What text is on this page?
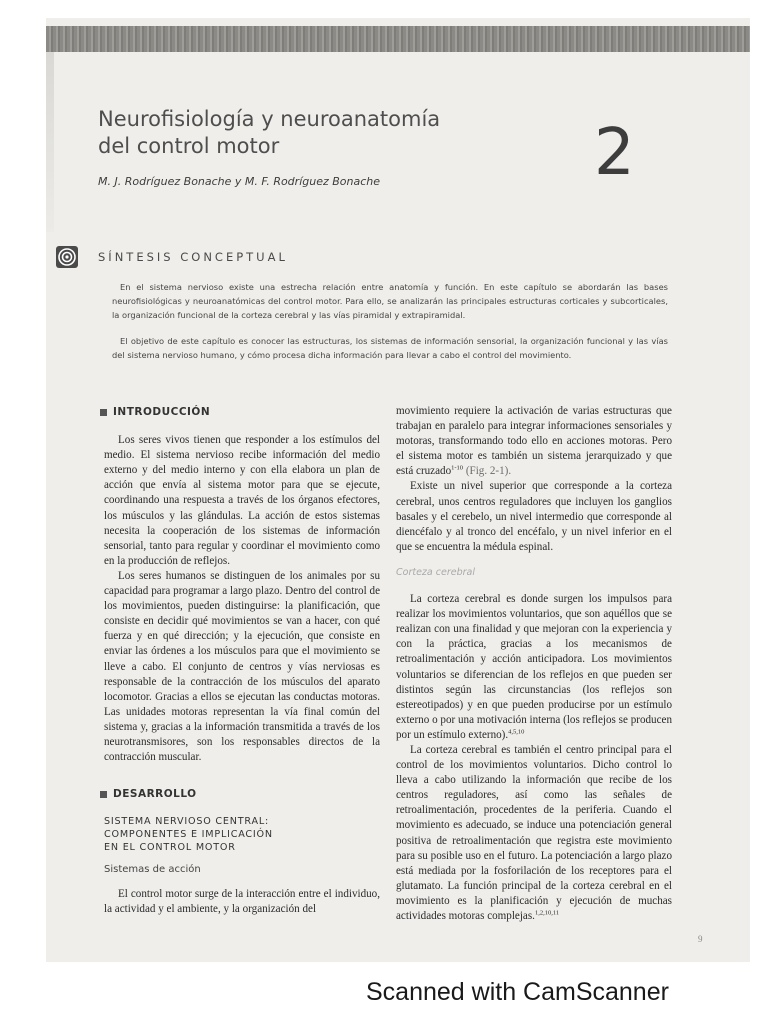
Neurofisiología y neuroanatomía
del control motor	2
M. J. Rodríguez Bonache y M. F. Rodríguez Bonache
SÍNTESIS CONCEPTUAL

En el sistema nervioso existe una estrecha relación entre anatomía y función. En este capítulo se abordarán las bases neurofisiológicas y neuroanatómicas del control motor. Para ello, se analizarán las principales estructuras corticales y subcorticales, la organización funcional de la corteza cerebral y las vías piramidal y extrapiramidal.

El objetivo de este capítulo es conocer las estructuras, los sistemas de información sensorial, la organización funcional y las vías del sistema nervioso humano, y cómo procesa dicha información para llevar a cabo el control del movimiento.

INTRODUCCIÓN

Los seres vivos tienen que responder a los estímulos del medio. El sistema nervioso recibe información del medio externo y del medio interno y con ella elabora un plan de acción que envía al sistema motor para que se ejecute, coordinando una respuesta a través de los órganos efectores, los músculos y las glándulas. La acción de estos sistemas necesita la cooperación de los sistemas de información sensorial, tanto para regular y coordinar el movimiento como en la producción de reflejos.

Los seres humanos se distinguen de los animales por su capacidad para programar a largo plazo. Dentro del control de los movimientos, pueden distinguirse: la planificación, que consiste en decidir qué movimientos se van a hacer, con qué fuerza y en qué dirección; y la ejecución, que consiste en enviar las órdenes a los músculos para que el movimiento se lleve a cabo. El conjunto de centros y vías nerviosas es responsable de la contracción de los músculos del aparato locomotor. Gracias a ellos se ejecutan las conductas motoras. Las unidades motoras representan la vía final común del sistema y, gracias a la información transmitida a través de los neurotransmisores, son los responsables directos de la contracción muscular.

DESARROLLO
SISTEMA NERVIOSO CENTRAL:
COMPONENTES E IMPLICACIÓN
EN EL CONTROL MOTOR
Sistemas de acción

El control motor surge de la interacción entre el individuo, la actividad y el ambiente, y la organización del

movimiento requiere la activación de varias estructuras que trabajan en paralelo para integrar informaciones sensoriales y motoras, transformando todo ello en acciones motoras. Pero el sistema motor es también un sistema jerarquizado y que está cruzado$^{1-10}$ (Fig. 2-1).

Existe un nivel superior que corresponde a la corteza cerebral, unos centros reguladores que incluyen los ganglios basales y el cerebelo, un nivel intermedio que corresponde al diencéfalo y al tronco del encéfalo, y un nivel inferior en el que se encuentra la médula espinal.

Corteza cerebral

La corteza cerebral es donde surgen los impulsos para realizar los movimientos voluntarios, que son aquéllos que se realizan con una finalidad y que mejoran con la experiencia y con la práctica, gracias a los mecanismos de retroalimentación y acción anticipadora. Los movimientos voluntarios se diferencian de los reflejos en que pueden ser distintos según las circunstancias (los reflejos son estereotipados) y en que pueden producirse por un estímulo externo o por una motivación interna (los reflejos se producen por un estímulo externo).$^{4,5,10}$

La corteza cerebral es también el centro principal para el control de los movimientos voluntarios. Dicho control lo lleva a cabo utilizando la información que recibe de los centros reguladores, así como las señales de retroalimentación, procedentes de la periferia. Cuando el movimiento es adecuado, se induce una potenciación general positiva de retroalimentación que registra este movimiento para su posible uso en el futuro. La potenciación a largo plazo está mediada por la fosforilación de los receptores para el glutamato. La función principal de la corteza cerebral en el movimiento es la planificación y ejecución de muchas actividades motoras complejas.$^{1,2,10,11}$

9
Scanned with CamScanner
